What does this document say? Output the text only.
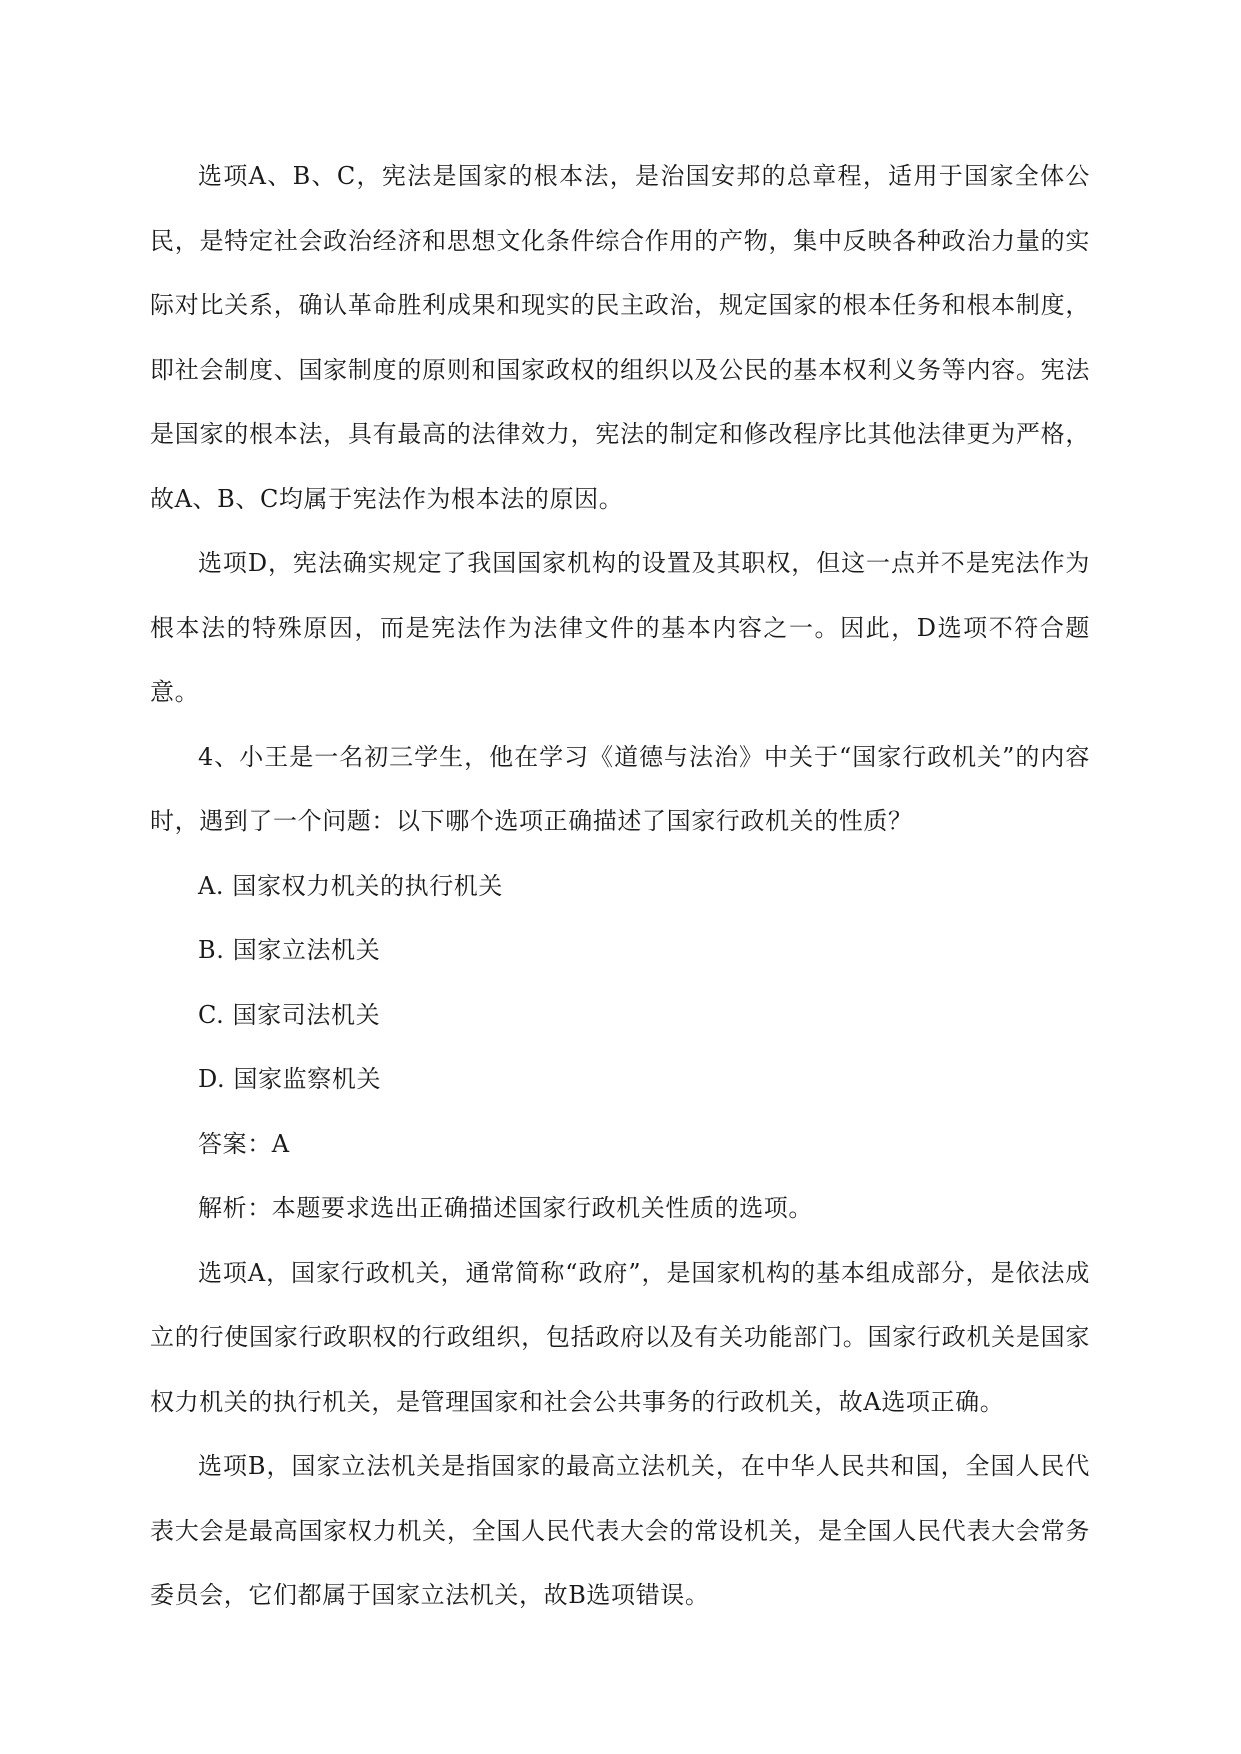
选项A、B、C，宪法是国家的根本法，是治国安邦的总章程，适用于国家全体公民，是特定社会政治经济和思想文化条件综合作用的产物，集中反映各种政治力量的实际对比关系，确认革命胜利成果和现实的民主政治，规定国家的根本任务和根本制度，即社会制度、国家制度的原则和国家政权的组织以及公民的基本权利义务等内容。宪法是国家的根本法，具有最高的法律效力，宪法的制定和修改程序比其他法律更为严格，故A、B、C均属于宪法作为根本法的原因。

选项D，宪法确实规定了我国国家机构的设置及其职权，但这一点并不是宪法作为根本法的特殊原因，而是宪法作为法律文件的基本内容之一。因此，D选项不符合题意。

4、小王是一名初三学生，他在学习《道德与法治》中关于“国家行政机关”的内容时，遇到了一个问题：以下哪个选项正确描述了国家行政机关的性质？

A. 国家权力机关的执行机关

B. 国家立法机关

C. 国家司法机关

D. 国家监察机关

答案：A

解析：本题要求选出正确描述国家行政机关性质的选项。

选项A，国家行政机关，通常简称“政府”，是国家机构的基本组成部分，是依法成立的行使国家行政职权的行政组织，包括政府以及有关功能部门。国家行政机关是国家权力机关的执行机关，是管理国家和社会公共事务的行政机关，故A选项正确。

选项B，国家立法机关是指国家的最高立法机关，在中华人民共和国，全国人民代表大会是最高国家权力机关，全国人民代表大会的常设机关，是全国人民代表大会常务委员会，它们都属于国家立法机关，故B选项错误。
